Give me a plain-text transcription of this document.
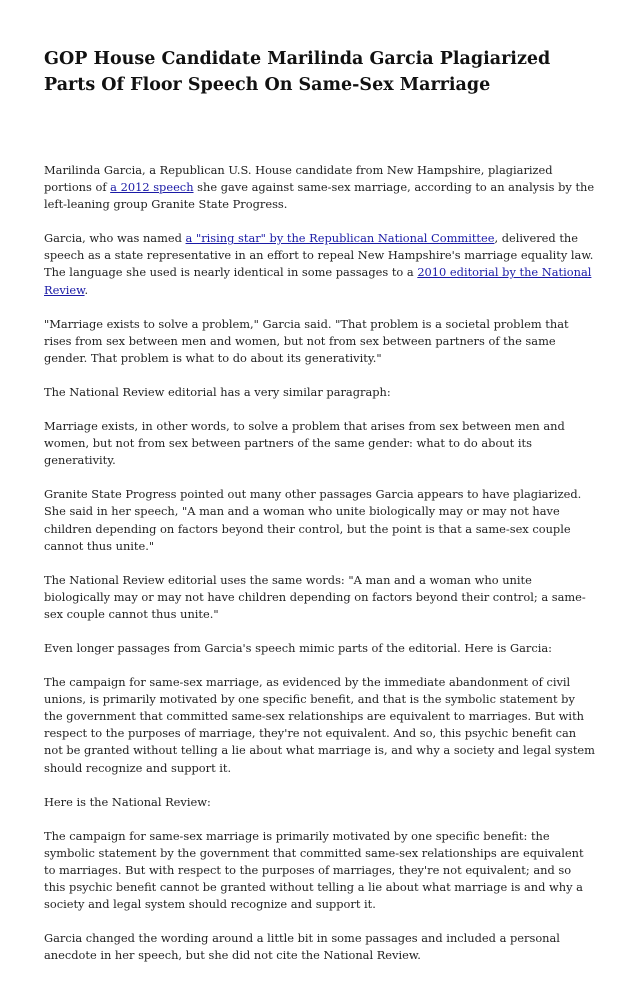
GOP House Candidate Marilinda Garcia Plagiarized Parts Of Floor Speech On Same-Sex Marriage

Marilinda Garcia, a Republican U.S. House candidate from New Hampshire, plagiarized portions of a 2012 speech she gave against same-sex marriage, according to an analysis by the left-leaning group Granite State Progress.

Garcia, who was named a "rising star" by the Republican National Committee, delivered the speech as a state representative in an effort to repeal New Hampshire's marriage equality law. The language she used is nearly identical in some passages to a 2010 editorial by the National Review.

"Marriage exists to solve a problem," Garcia said. "That problem is a societal problem that rises from sex between men and women, but not from sex between partners of the same gender. That problem is what to do about its generativity."

The National Review editorial has a very similar paragraph:

Marriage exists, in other words, to solve a problem that arises from sex between men and women, but not from sex between partners of the same gender: what to do about its generativity.

Granite State Progress pointed out many other passages Garcia appears to have plagiarized. She said in her speech, "A man and a woman who unite biologically may or may not have children depending on factors beyond their control, but the point is that a same-sex couple cannot thus unite."

The National Review editorial uses the same words: "A man and a woman who unite biologically may or may not have children depending on factors beyond their control; a same-sex couple cannot thus unite."

Even longer passages from Garcia's speech mimic parts of the editorial. Here is Garcia:

The campaign for same-sex marriage, as evidenced by the immediate abandonment of civil unions, is primarily motivated by one specific benefit, and that is the symbolic statement by the government that committed same-sex relationships are equivalent to marriages. But with respect to the purposes of marriage, they're not equivalent. And so, this psychic benefit can not be granted without telling a lie about what marriage is, and why a society and legal system should recognize and support it.

Here is the National Review:

The campaign for same-sex marriage is primarily motivated by one specific benefit: the symbolic statement by the government that committed same-sex relationships are equivalent to marriages. But with respect to the purposes of marriages, they're not equivalent; and so this psychic benefit cannot be granted without telling a lie about what marriage is and why a society and legal system should recognize and support it.

Garcia changed the wording around a little bit in some passages and included a personal anecdote in her speech, but she did not cite the National Review.
